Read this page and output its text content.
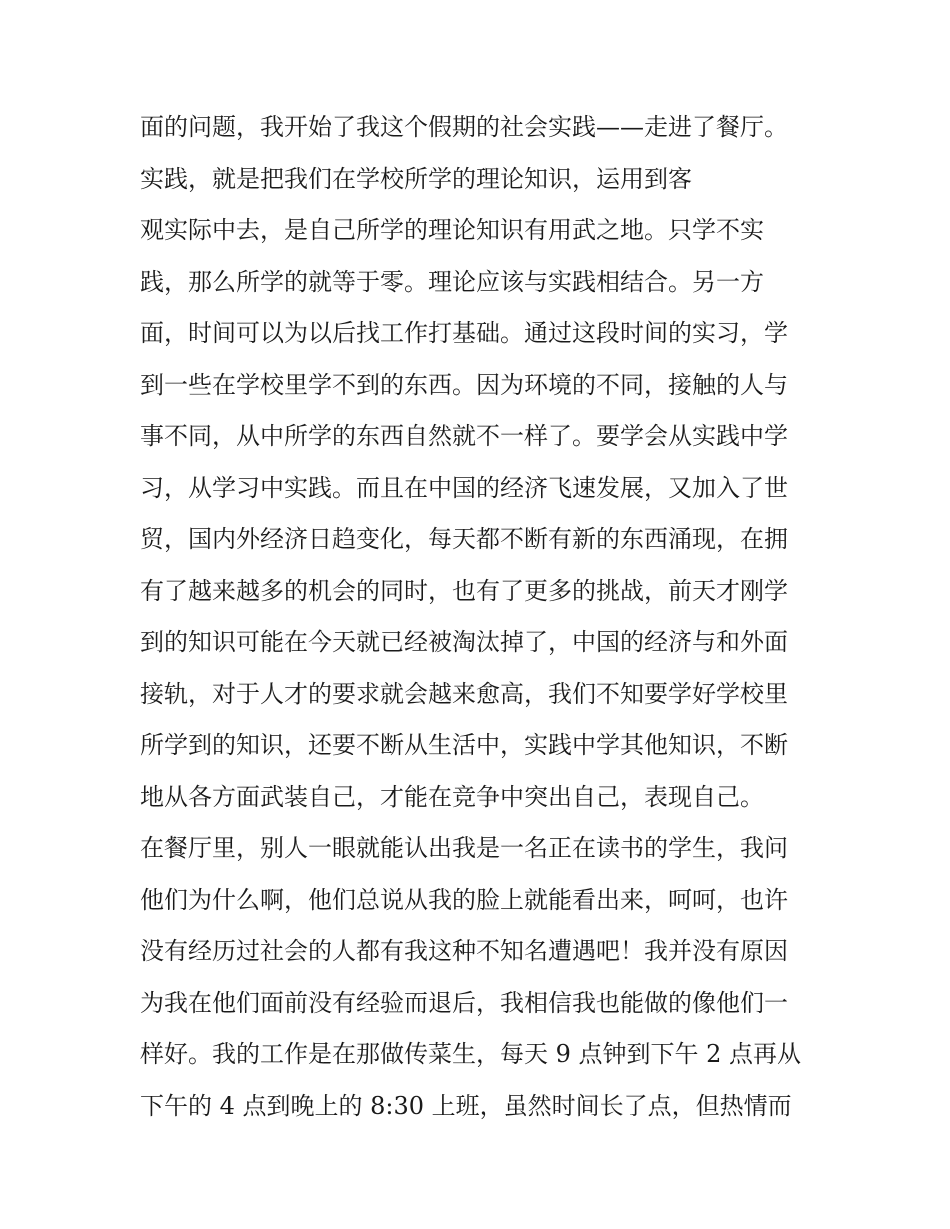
面的问题，我开始了我这个假期的社会实践——走进了餐厅。
实践，就是把我们在学校所学的理论知识，运用到客
观实际中去，是自己所学的理论知识有用武之地。只学不实
践，那么所学的就等于零。理论应该与实践相结合。另一方
面，时间可以为以后找工作打基础。通过这段时间的实习，学
到一些在学校里学不到的东西。因为环境的不同，接触的人与
事不同，从中所学的东西自然就不一样了。要学会从实践中学
习，从学习中实践。而且在中国的经济飞速发展，又加入了世
贸，国内外经济日趋变化，每天都不断有新的东西涌现，在拥
有了越来越多的机会的同时，也有了更多的挑战，前天才刚学
到的知识可能在今天就已经被淘汰掉了，中国的经济与和外面
接轨，对于人才的要求就会越来愈高，我们不知要学好学校里
所学到的知识，还要不断从生活中，实践中学其他知识，不断
地从各方面武装自己，才能在竞争中突出自己，表现自己。
在餐厅里，别人一眼就能认出我是一名正在读书的学生，我问
他们为什么啊，他们总说从我的脸上就能看出来，呵呵，也许
没有经历过社会的人都有我这种不知名遭遇吧！我并没有原因
为我在他们面前没有经验而退后，我相信我也能做的像他们一
样好。我的工作是在那做传菜生，每天 9 点钟到下午 2 点再从
下午的 4 点到晚上的 8:30 上班，虽然时间长了点，但热情而
